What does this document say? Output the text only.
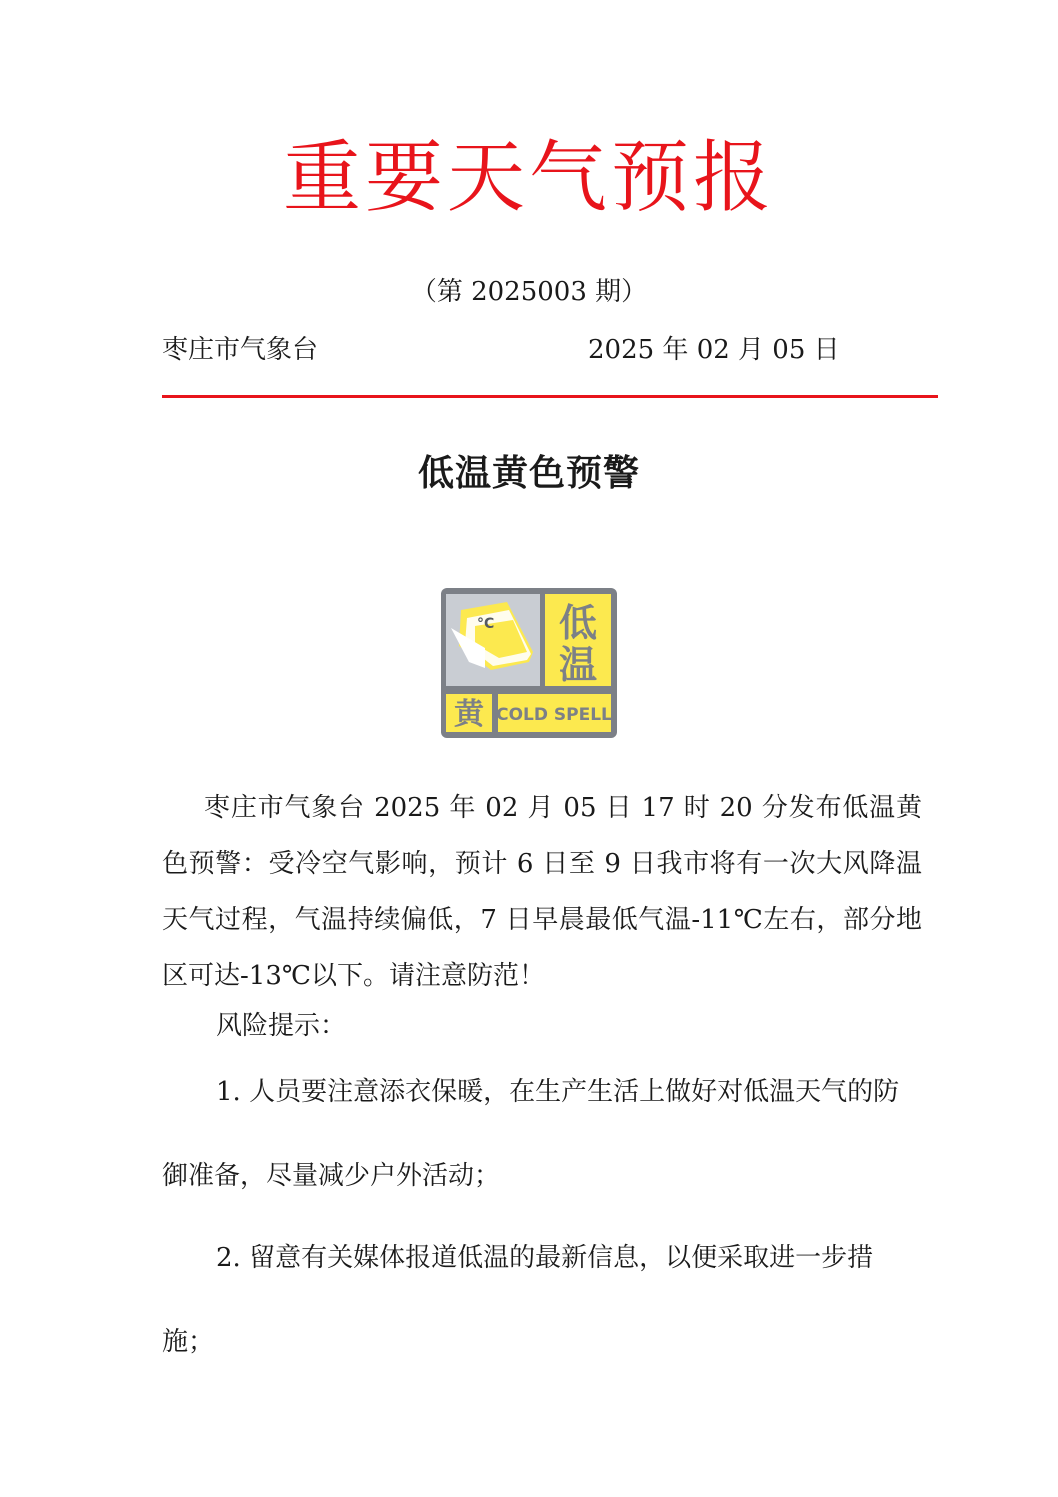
重要天气预报
（第 2025003 期）
枣庄市气象台	2025 年 02 月 05 日
低温黄色预警
°C 低
温
黄 COLD SPELL

枣庄市气象台 2025 年 02 月 05 日 17 时 20 分发布低温黄色预警：受冷空气影响，预计 6 日至 9 日我市将有一次大风降温天气过程，气温持续偏低，7 日早晨最低气温-11℃左右，部分地区可达-13℃以下。请注意防范！

风险提示：

1. 人员要注意添衣保暖，在生产生活上做好对低温天气的防御准备，尽量减少户外活动；

2. 留意有关媒体报道低温的最新信息，以便采取进一步措施；
